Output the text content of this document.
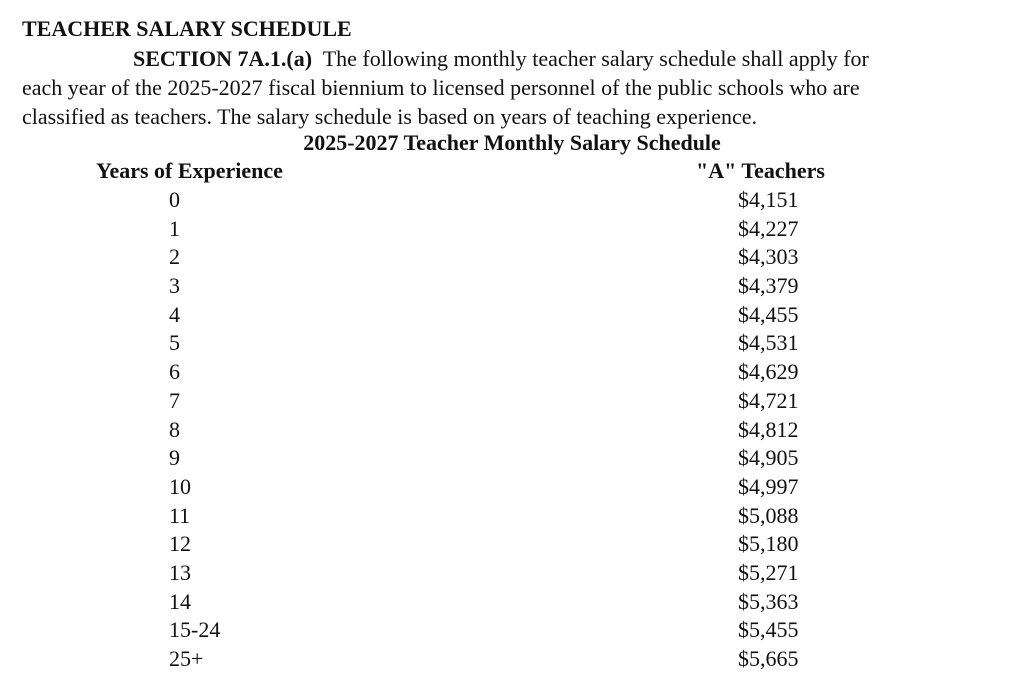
TEACHER SALARY SCHEDULE
SECTION 7A.1.(a) The following monthly teacher salary schedule shall apply for
each year of the 2025-2027 fiscal biennium to licensed personnel of the public schools who are
classified as teachers. The salary schedule is based on years of teaching experience.
2025-2027 Teacher Monthly Salary Schedule
Years of Experience	"A" Teachers
0	$4,151
1	$4,227
2	$4,303
3	$4,379
4	$4,455
5	$4,531
6	$4,629
7	$4,721
8	$4,812
9	$4,905
10	$4,997
11	$5,088
12	$5,180
13	$5,271
14	$5,363
15-24	$5,455
25+	$5,665
